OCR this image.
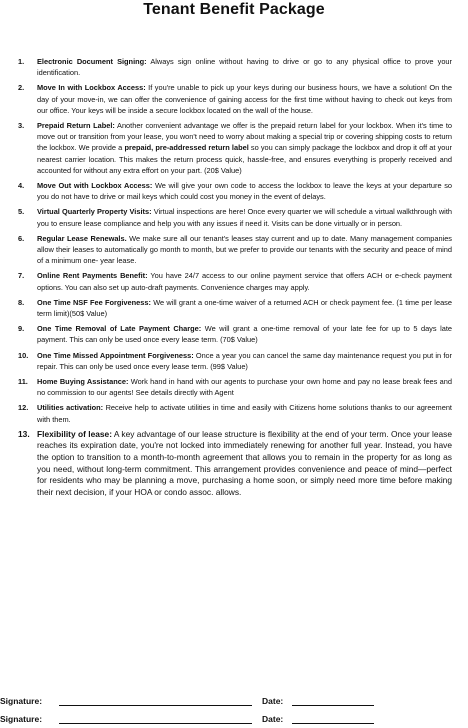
Tenant Benefit Package
1. Electronic Document Signing: Always sign online without having to drive or go to any physical office to prove your identification.
2. Move In with Lockbox Access: If you're unable to pick up your keys during our business hours, we have a solution! On the day of your move-in, we can offer the convenience of gaining access for the first time without having to check out keys from our office. Your keys will be inside a secure lockbox located on the wall of the house.
3. Prepaid Return Label: Another convenient advantage we offer is the prepaid return label for your lockbox. When it's time to move out or transition from your lease, you won't need to worry about making a special trip or covering shipping costs to return the lockbox. We provide a prepaid, pre-addressed return label so you can simply package the lockbox and drop it off at your nearest carrier location. This makes the return process quick, hassle-free, and ensures everything is properly received and accounted for without any extra effort on your part. (20$ Value)
4. Move Out with Lockbox Access: We will give your own code to access the lockbox to leave the keys at your departure so you do not have to drive or mail keys which could cost you money in the event of delays.
5. Virtual Quarterly Property Visits: Virtual inspections are here! Once every quarter we will schedule a virtual walkthrough with you to ensure lease compliance and help you with any issues if need it. Visits can be done virtually or in person.
6. Regular Lease Renewals. We make sure all our tenant's leases stay current and up to date. Many management companies allow their leases to automatically go month to month, but we prefer to provide our tenants with the security and peace of mind of a minimum one- year lease.
7. Online Rent Payments Benefit: You have 24/7 access to our online payment service that offers ACH or e-check payment options. You can also set up auto-draft payments. Convenience charges may apply.
8. One Time NSF Fee Forgiveness: We will grant a one-time waiver of a returned ACH or check payment fee. (1 time per lease term limit)(50$ Value)
9. One Time Removal of Late Payment Charge: We will grant a one-time removal of your late fee for up to 5 days late payment. This can only be used once every lease term. (70$ Value)
10. One Time Missed Appointment Forgiveness: Once a year you can cancel the same day maintenance request you put in for repair. This can only be used once every lease term. (99$ Value)
11. Home Buying Assistance: Work hand in hand with our agents to purchase your own home and pay no lease break fees and no commission to our agents! See details directly with Agent
12. Utilities activation: Receive help to activate utilities in time and easily with Citizens home solutions thanks to our agreement with them.
13. Flexibility of lease: A key advantage of our lease structure is flexibility at the end of your term. Once your lease reaches its expiration date, you're not locked into immediately renewing for another full year. Instead, you have the option to transition to a month-to-month agreement that allows you to remain in the property for as long as you need, without long-term commitment. This arrangement provides convenience and peace of mind—perfect for residents who may be planning a move, purchasing a home soon, or simply need more time before making their next decision, if your HOA or condo assoc. allows.
Signature:	Date:
Signature:	Date:
